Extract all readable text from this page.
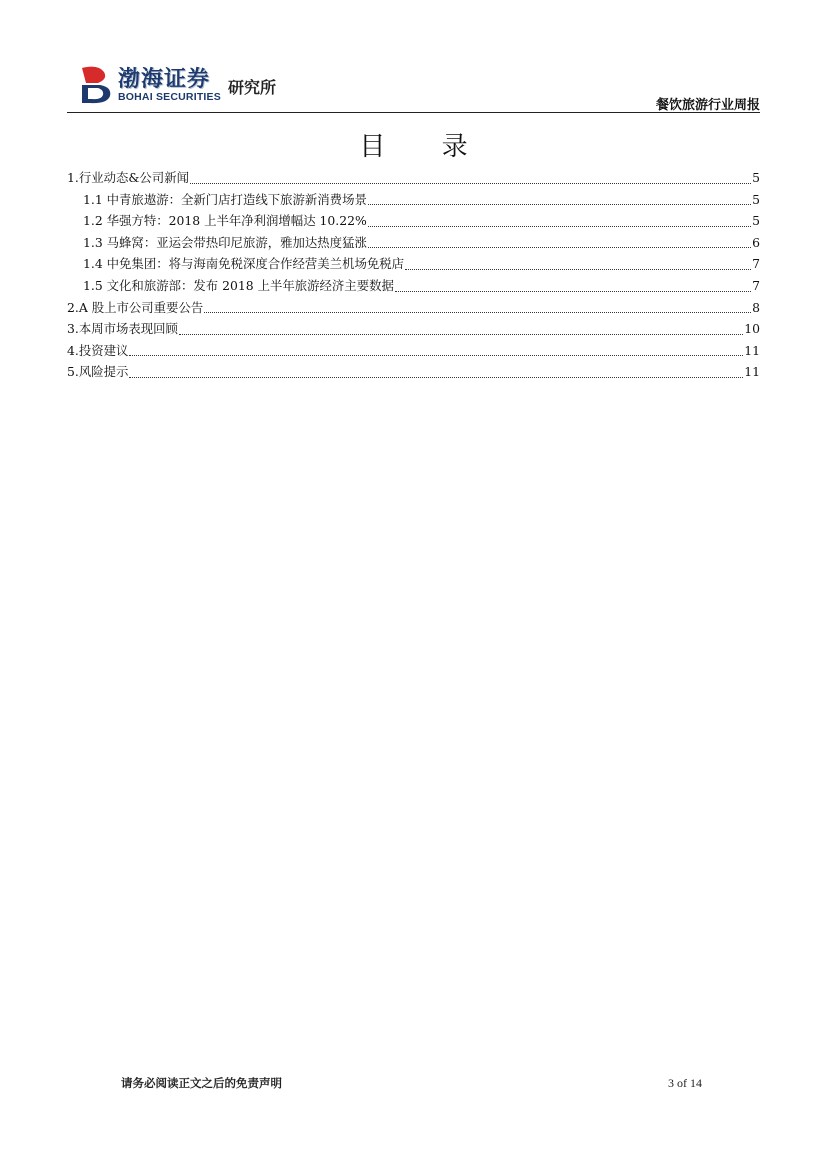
渤海证券
BOHAI SECURITIES 研究所
餐饮旅游行业周报
目 录
1.行业动态&公司新闻	5
1.1 中青旅遨游：全新门店打造线下旅游新消费场景	5
1.2 华强方特：2018 上半年净利润增幅达 10.22%	5
1.3 马蜂窝：亚运会带热印尼旅游，雅加达热度猛涨	6
1.4 中免集团：将与海南免税深度合作经营美兰机场免税店	7
1.5 文化和旅游部：发布 2018 上半年旅游经济主要数据	7
2.A 股上市公司重要公告	8
3.本周市场表现回顾	10
4.投资建议	11
5.风险提示	11
请务必阅读正文之后的免责声明	3 of 14
